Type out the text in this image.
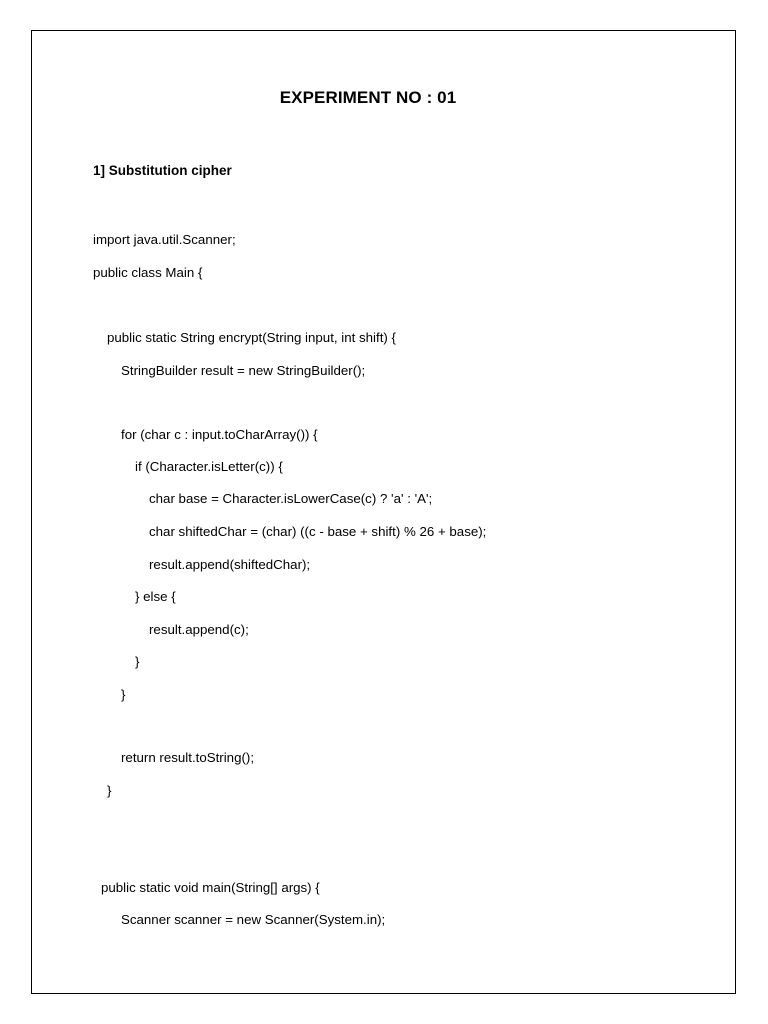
EXPERIMENT NO : 01
1] Substitution cipher
import java.util.Scanner;
public class Main {
public static String encrypt(String input, int shift) {
StringBuilder result = new StringBuilder();
for (char c : input.toCharArray()) {
if (Character.isLetter(c)) {
char base = Character.isLowerCase(c) ? 'a' : 'A';
char shiftedChar = (char) ((c - base + shift) % 26 + base);
result.append(shiftedChar);
} else {
result.append(c);
}
}
return result.toString();
}
public static void main(String[] args) {
Scanner scanner = new Scanner(System.in);
